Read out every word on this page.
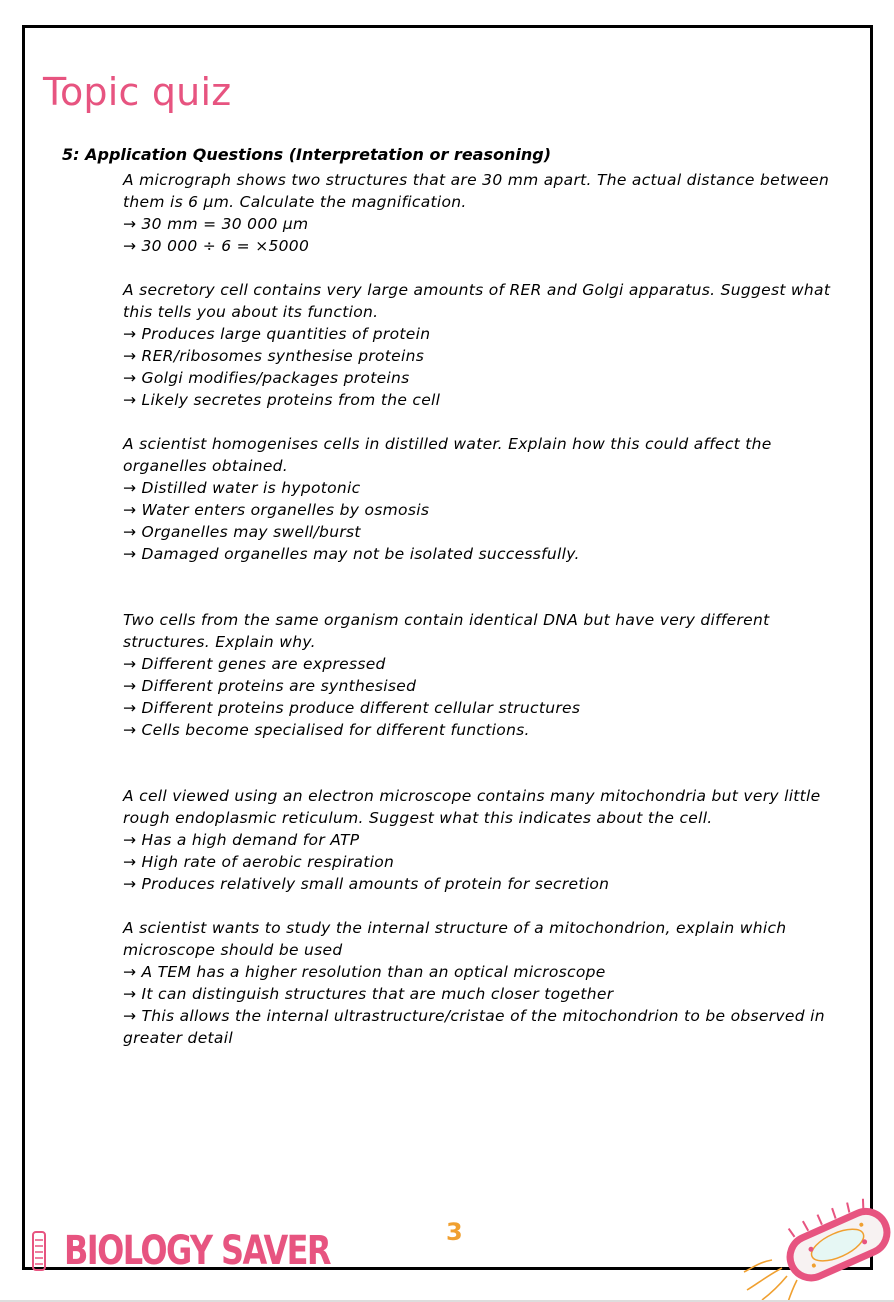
Topic quiz
5: Application Questions (Interpretation or reasoning)
A micrograph shows two structures that are 30 mm apart. The actual distance between them is 6 µm. Calculate the magnification.
→ 30 mm = 30 000 µm
→ 30 000 ÷ 6 = ×5000
A secretory cell contains very large amounts of RER and Golgi apparatus. Suggest what this tells you about its function.
→ Produces large quantities of protein
→ RER/ribosomes synthesise proteins
→ Golgi modifies/packages proteins
→ Likely secretes proteins from the cell
A scientist homogenises cells in distilled water. Explain how this could affect the organelles obtained.
→ Distilled water is hypotonic
→ Water enters organelles by osmosis
→ Organelles may swell/burst
→ Damaged organelles may not be isolated successfully.
Two cells from the same organism contain identical DNA but have very different structures. Explain why.
→ Different genes are expressed
→ Different proteins are synthesised
→ Different proteins produce different cellular structures
→ Cells become specialised for different functions.
A cell viewed using an electron microscope contains many mitochondria but very little rough endoplasmic reticulum. Suggest what this indicates about the cell.
→ Has a high demand for ATP
→ High rate of aerobic respiration
→ Produces relatively small amounts of protein for secretion
A scientist wants to study the internal structure of a mitochondrion, explain which microscope should be used
→ A TEM has a higher resolution than an optical microscope
→ It can distinguish structures that are much closer together
→ This allows the internal ultrastructure/cristae of the mitochondrion to be observed in greater detail
3
BIOLOGY SAVER
